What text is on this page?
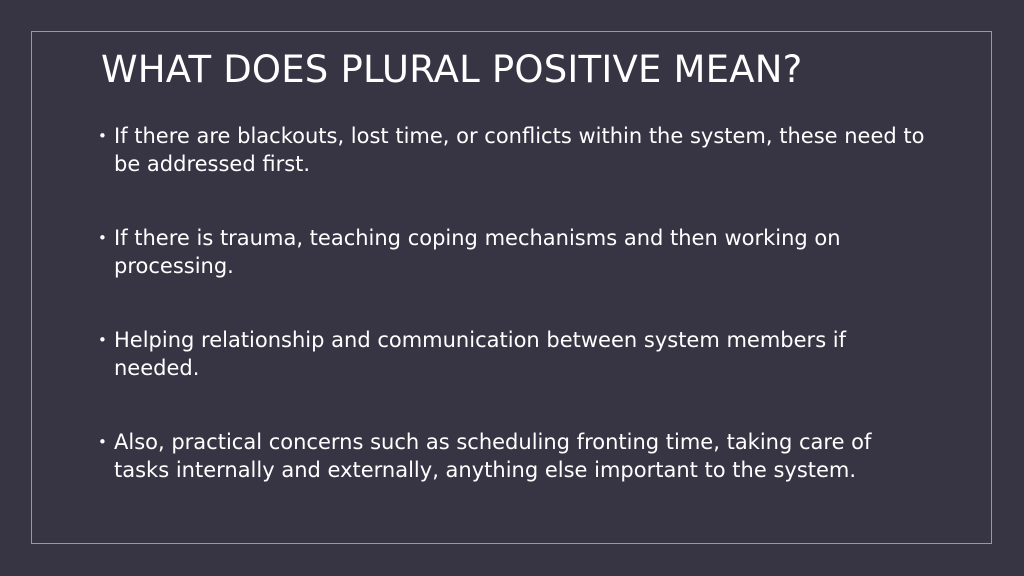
WHAT DOES PLURAL POSITIVE MEAN?
• If there are blackouts, lost time, or conflicts within the system, these need to be addressed first.
• If there is trauma, teaching coping mechanisms and then working on processing.
• Helping relationship and communication between system members if needed.
• Also, practical concerns such as scheduling fronting time, taking care of tasks internally and externally, anything else important to the system.
